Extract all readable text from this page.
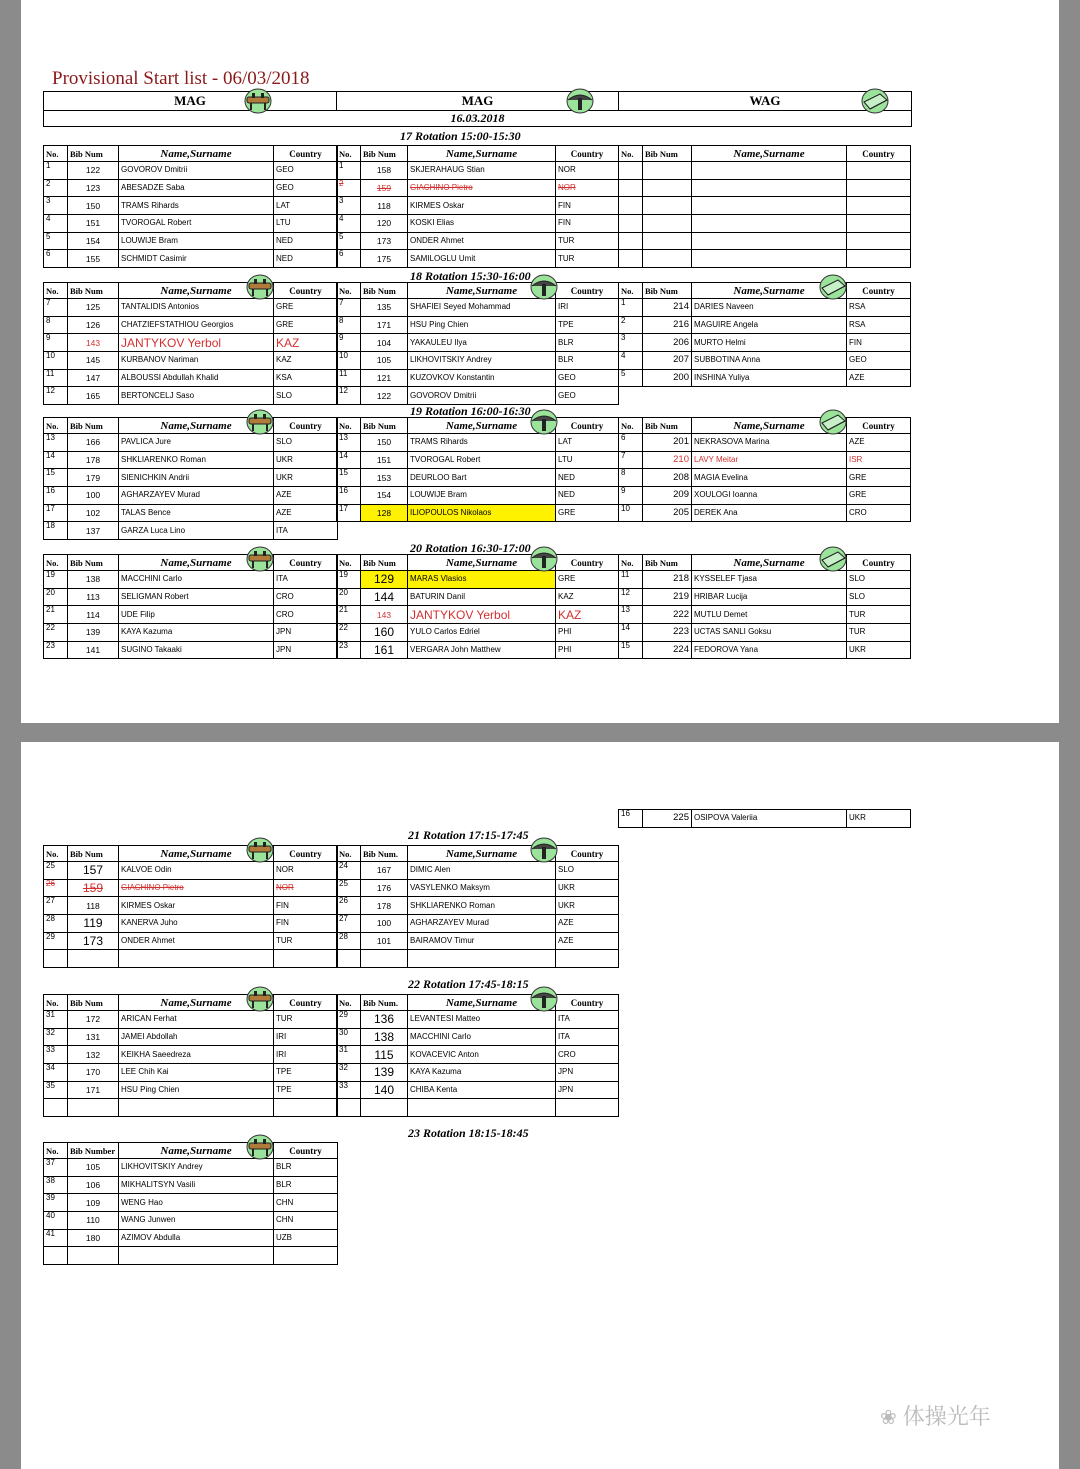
Provisional Start list - 06/03/2018
MAG	MAG	WAG
16.03.2018
17 Rotation 15:00-15:30
18 Rotation 15:30-16:00
19 Rotation 16:00-16:30
20 Rotation 16:30-17:00
21 Rotation 17:15-17:45
22 Rotation 17:45-18:15
23 Rotation 18:15-18:45
No.	Bib Num	Name,Surname	Country
1	122	GOVOROV Dmitrii	GEO
2	123	ABESADZE Saba	GEO
3	150	TRAMS Rihards	LAT
4	151	TVOROGAL Robert	LTU
5	154	LOUWIJE Bram	NED
6	155	SCHMIDT Casimir	NED
No.	Bib Num	Name,Surname	Country
1	158	SKJERAHAUG Stian	NOR
2	159	GIACHINO Pietro	NOR
3	118	KIRMES Oskar	FIN
4	120	KOSKI Elias	FIN
5	173	ONDER Ahmet	TUR
6	175	SAMILOGLU Umit	TUR
No.	Bib Num	Name,Surname	Country

No.	Bib Num	Name,Surname	Country
7	125	TANTALIDIS Antonios	GRE
8	126	CHATZIEFSTATHIOU Georgios	GRE
9	143	JANTYKOV Yerbol	KAZ
10	145	KURBANOV Nariman	KAZ
11	147	ALBOUSSI Abdullah Khalid	KSA
12	165	BERTONCELJ Saso	SLO
No.	Bib Num	Name,Surname	Country
7	135	SHAFIEI Seyed Mohammad	IRI
8	171	HSU Ping Chien	TPE
9	104	YAKAULEU Ilya	BLR
10	105	LIKHOVITSKIY Andrey	BLR
11	121	KUZOVKOV Konstantin	GEO
12	122	GOVOROV Dmitrii	GEO
No.	Bib Num	Name,Surname	Country
1	214	DARIES Naveen	RSA
2	216	MAGUIRE Angela	RSA
3	206	MURTO Helmi	FIN
4	207	SUBBOTINA Anna	GEO
5	200	INSHINA Yuliya	AZE
No.	Bib Num	Name,Surname	Country
13	166	PAVLICA Jure	SLO
14	178	SHKLIARENKO Roman	UKR
15	179	SIENICHKIN Andrii	UKR
16	100	AGHARZAYEV Murad	AZE
17	102	TALAS Bence	AZE
18	137	GARZA Luca Lino	ITA
No.	Bib Num	Name,Surname	Country
13	150	TRAMS Rihards	LAT
14	151	TVOROGAL Robert	LTU
15	153	DEURLOO Bart	NED
16	154	LOUWIJE Bram	NED
17	128	ILIOPOULOS Nikolaos	GRE
No.	Bib Num	Name,Surname	Country
6	201	NEKRASOVA Marina	AZE
7	210	LAVY Meitar	ISR
8	208	MAGIA Evelina	GRE
9	209	XOULOGI Ioanna	GRE
10	205	DEREK Ana	CRO
No.	Bib Num	Name,Surname	Country
19	138	MACCHINI Carlo	ITA
20	113	SELIGMAN Robert	CRO
21	114	UDE Filip	CRO
22	139	KAYA Kazuma	JPN
23	141	SUGINO Takaaki	JPN
No.	Bib Num	Name,Surname	Country
19	129	MARAS Vlasios	GRE
20	144	BATURIN Danil	KAZ
21	143	JANTYKOV Yerbol	KAZ
22	160	YULO Carlos Edriel	PHI
23	161	VERGARA John Matthew	PHI
No.	Bib Num	Name,Surname	Country
11	218	KYSSELEF Tjasa	SLO
12	219	HRIBAR Lucija	SLO
13	222	MUTLU Demet	TUR
14	223	UCTAS SANLI Goksu	TUR
15	224	FEDOROVA Yana	UKR
16	225	OSIPOVA Valeriia	UKR
No.	Bib Num	Name,Surname	Country
25	157	KALVOE Odin	NOR
26	159	GIACHINO Pietro	NOR
27	118	KIRMES Oskar	FIN
28	119	KANERVA Juho	FIN
29	173	ONDER Ahmet	TUR

No.	Bib Num.	Name,Surname	Country
24	167	DIMIC Alen	SLO
25	176	VASYLENKO Maksym	UKR
26	178	SHKLIARENKO Roman	UKR
27	100	AGHARZAYEV Murad	AZE
28	101	BAIRAMOV Timur	AZE

No.	Bib Num	Name,Surname	Country
31	172	ARICAN Ferhat	TUR
32	131	JAMEI Abdollah	IRI
33	132	KEIKHA Saeedreza	IRI
34	170	LEE Chih Kai	TPE
35	171	HSU Ping Chien	TPE

No.	Bib Num.	Name,Surname	Country
29	136	LEVANTESI Matteo	ITA
30	138	MACCHINI Carlo	ITA
31	115	KOVACEVIC Anton	CRO
32	139	KAYA Kazuma	JPN
33	140	CHIBA Kenta	JPN

No.	Bib Number	Name,Surname	Country
37	105	LIKHOVITSKIY Andrey	BLR
38	106	MIKHALITSYN Vasili	BLR
39	109	WENG Hao	CHN
40	110	WANG Junwen	CHN
41	180	AZIMOV Abdulla	UZB

❀ 体操光年
